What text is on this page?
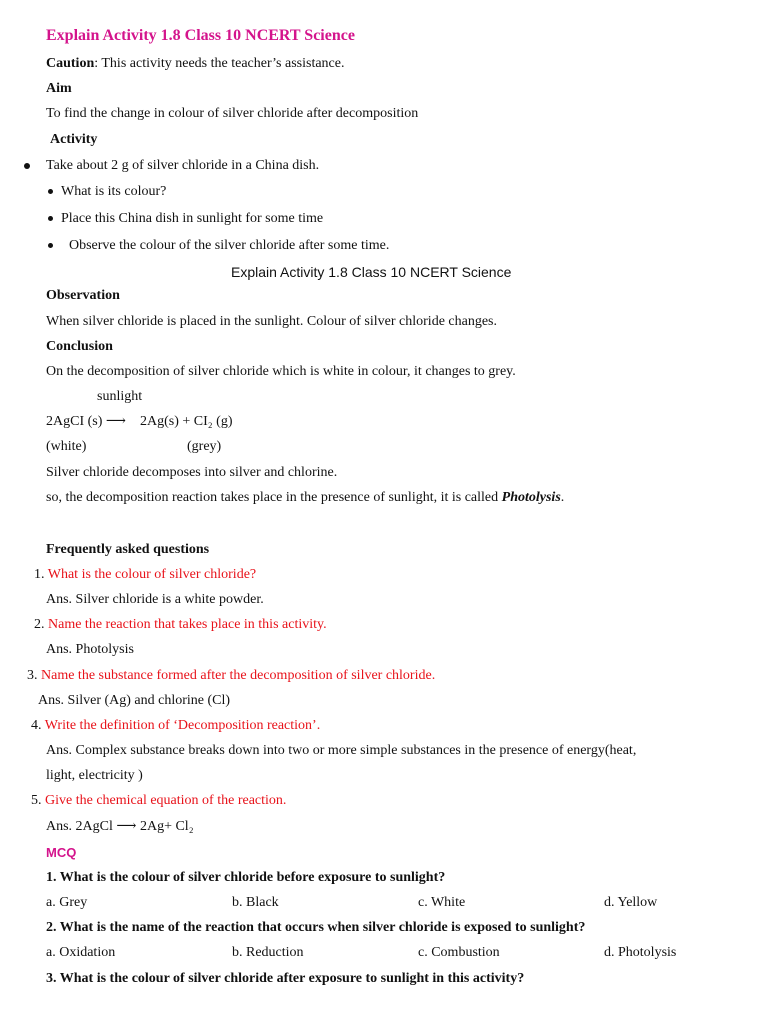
Explain Activity 1.8 Class 10 NCERT Science
Caution: This activity needs the teacher’s assistance.
Aim
To find the change in colour of silver chloride after decomposition
Activity
Take about 2 g of silver chloride in a China dish.
What is its colour?
Place this China dish in sunlight for some time
Observe the colour of the silver chloride after some time.
Explain Activity 1.8 Class 10 NCERT Science
Observation
When silver chloride is placed in the sunlight. Colour of silver chloride changes.
Conclusion
On the decomposition of silver chloride which is white in colour, it changes to grey.
sunlight
2AgCI (s) ⟶ 2Ag(s) + CI₂ (g)
(white)	(grey)
Silver chloride decomposes into silver and chlorine.
so, the decomposition reaction takes place in the presence of sunlight, it is called Photolysis.
Frequently asked questions
1. What is the colour of silver chloride?
Ans. Silver chloride is a white powder.
2. Name the reaction that takes place in this activity.
Ans. Photolysis
3. Name the substance formed after the decomposition of silver chloride.
Ans. Silver (Ag) and chlorine (Cl)
4. Write the definition of ‘Decomposition reaction’.
Ans. Complex substance breaks down into two or more simple substances in the presence of energy(heat,
light, electricity )
5. Give the chemical equation of the reaction.
Ans. 2AgCl ⟶ 2Ag+ Cl₂
MCQ
1. What is the colour of silver chloride before exposure to sunlight?
a. Grey	b. Black	c. White	d. Yellow
2. What is the name of the reaction that occurs when silver chloride is exposed to sunlight?
a. Oxidation	b. Reduction	c. Combustion	d. Photolysis
3. What is the colour of silver chloride after exposure to sunlight in this activity?
